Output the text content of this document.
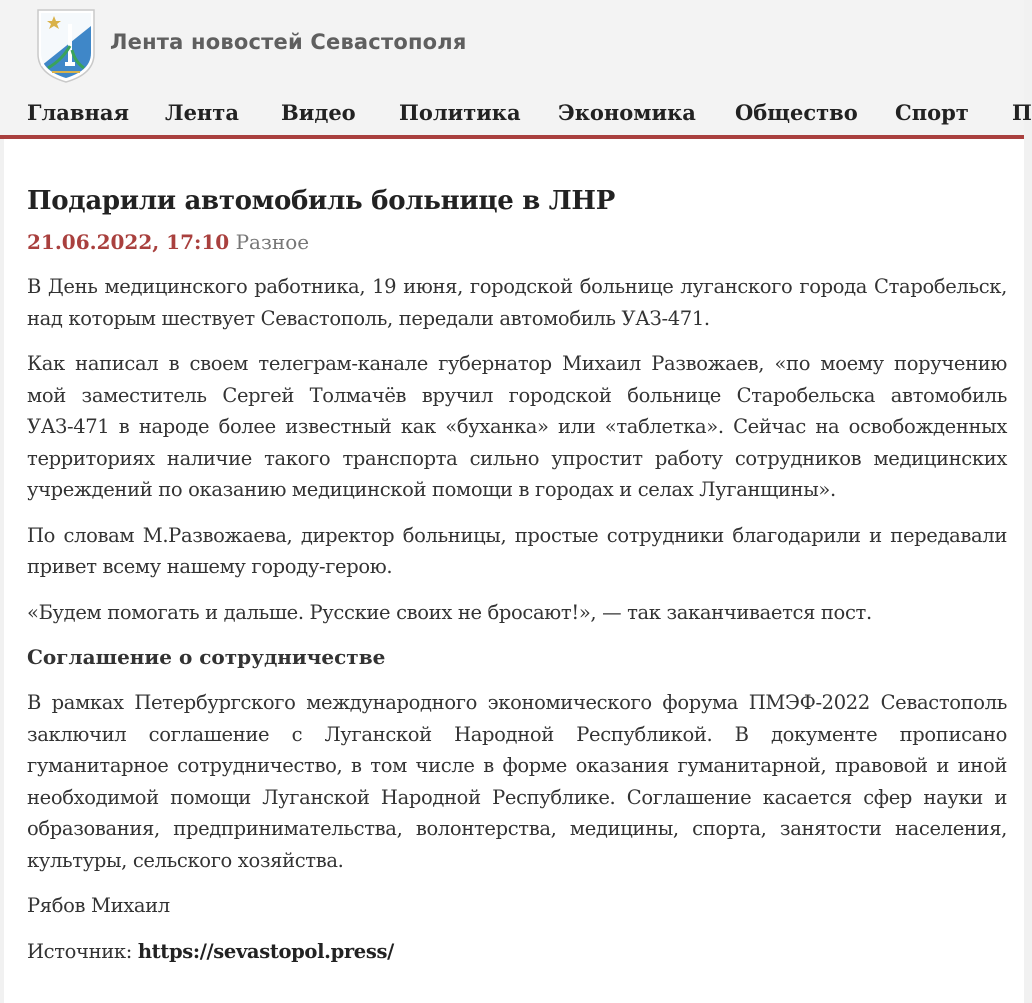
Лента новостей Севастополя
Главная Лента Видео Политика Экономика Общество Спорт П
Подарили автомобиль больнице в ЛНР
21.06.2022, 17:10 Разное

В День медицинского работника, 19 июня, городской больнице луганского города Старобельск, над которым шествует Севастополь, передали автомобиль УАЗ-471.

Как написал в своем телеграм-канале губернатор Михаил Развожаев, «по моему поручению мой заместитель Сергей Толмачёв вручил городской больнице Старобельска автомобиль УАЗ-471 в народе более известный как «буханка» или «таблетка». Сейчас на освобожденных территориях наличие такого транспорта сильно упростит работу сотрудников медицинских учреждений по оказанию медицинской помощи в городах и селах Луганщины».

По словам М.Развожаева, директор больницы, простые сотрудники благодарили и передавали привет всему нашему городу-герою.

«Будем помогать и дальше. Русские своих не бросают!», — так заканчивается пост.

Соглашение о сотрудничестве

В рамках Петербургского международного экономического форума ПМЭФ-2022 Севастополь заключил соглашение с Луганской Народной Республикой. В документе прописано гуманитарное сотрудничество, в том числе в форме оказания гуманитарной, правовой и иной необходимой помощи Луганской Народной Республике. Соглашение касается сфер науки и образования, предпринимательства, волонтерства, медицины, спорта, занятости населения, культуры, сельского хозяйства.

Рябов Михаил

Источник: https://sevastopol.press/
